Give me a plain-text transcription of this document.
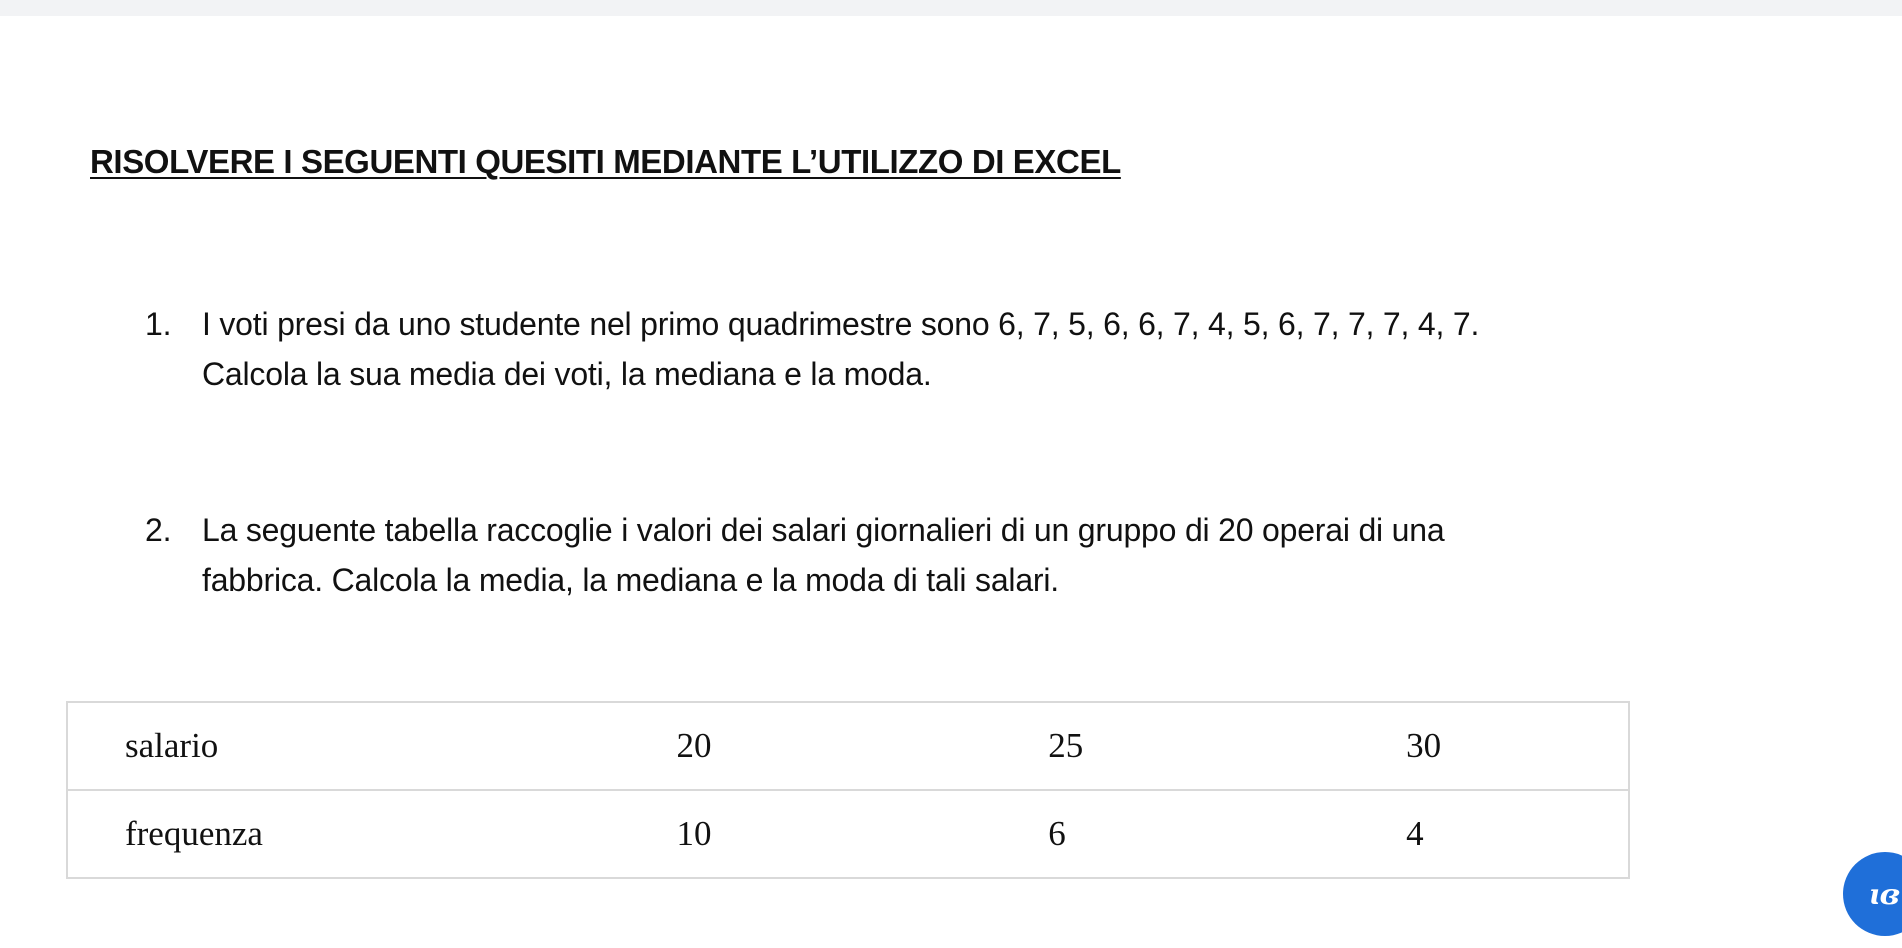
RISOLVERE I SEGUENTI QUESITI MEDIANTE L’UTILIZZO DI EXCEL
1. I voti presi da uno studente nel primo quadrimestre sono 6, 7, 5, 6, 6, 7, 4, 5, 6, 7, 7, 7, 4, 7. Calcola la sua media dei voti, la mediana e la moda.
2. La seguente tabella raccoglie i valori dei salari giornalieri di un gruppo di 20 operai di una fabbrica. Calcola la media, la mediana e la moda di tali salari.
salario	20	25	30
frequenza	10	6	4
ɩɞ
